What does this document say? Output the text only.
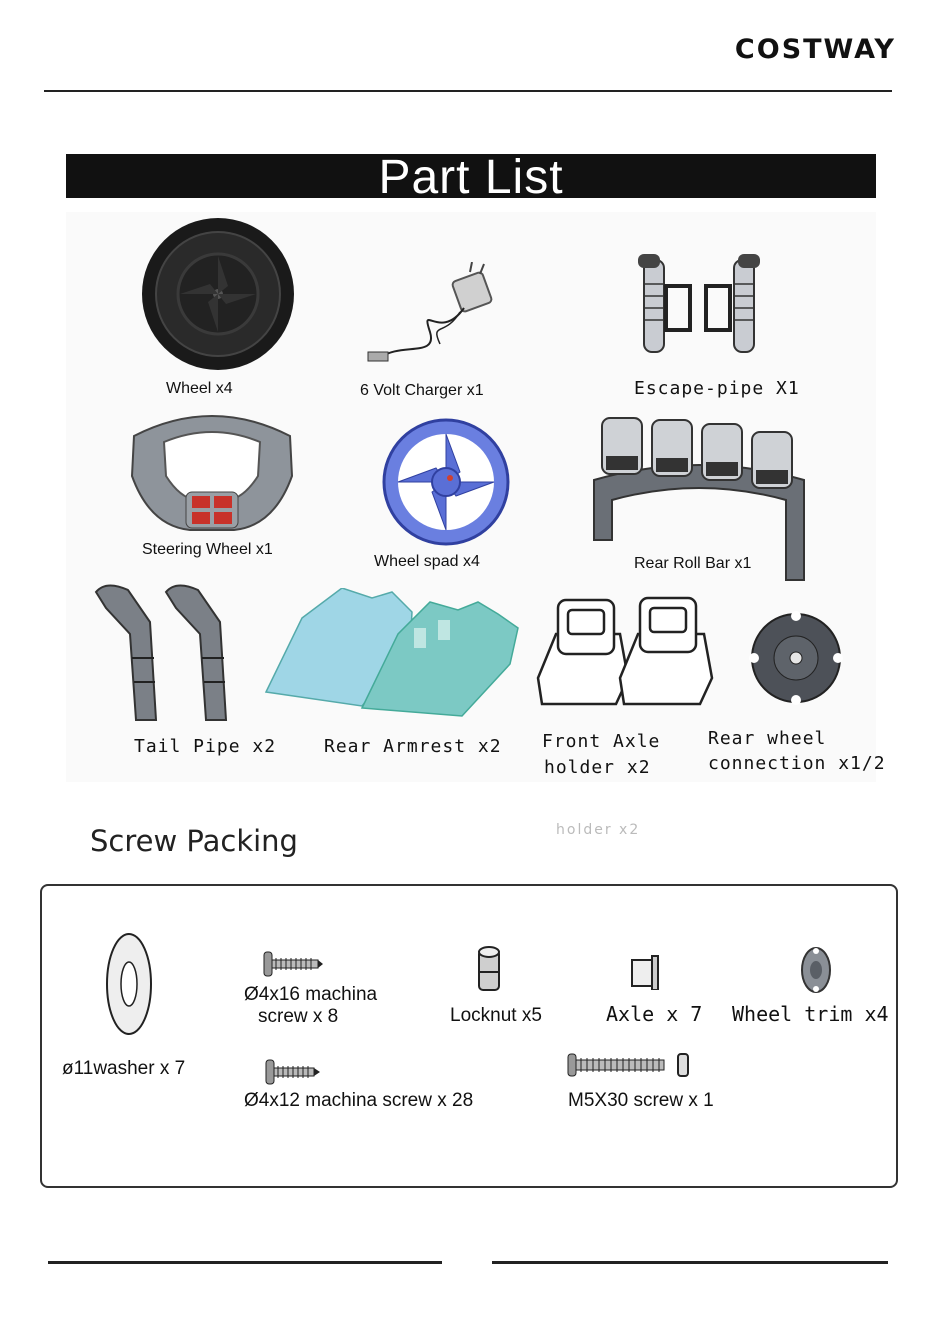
COSTWAY
Part List
Wheel x4	6 Volt Charger x1	Escape-pipe X1
Steering Wheel x1
Wheel spad x4	Rear Roll Bar x1
Tail Pipe x2	Rear Armrest x2 Front Axle
holder x2
Rear wheel
connection x1/2
Screw Packing	holder x2
ø11washer x 7
Ø4x16 machina
screw x 8	Locknut x5	Axle x 7 Wheel trim x4
Ø4x12 machina screw x 28	M5X30 screw x 1
